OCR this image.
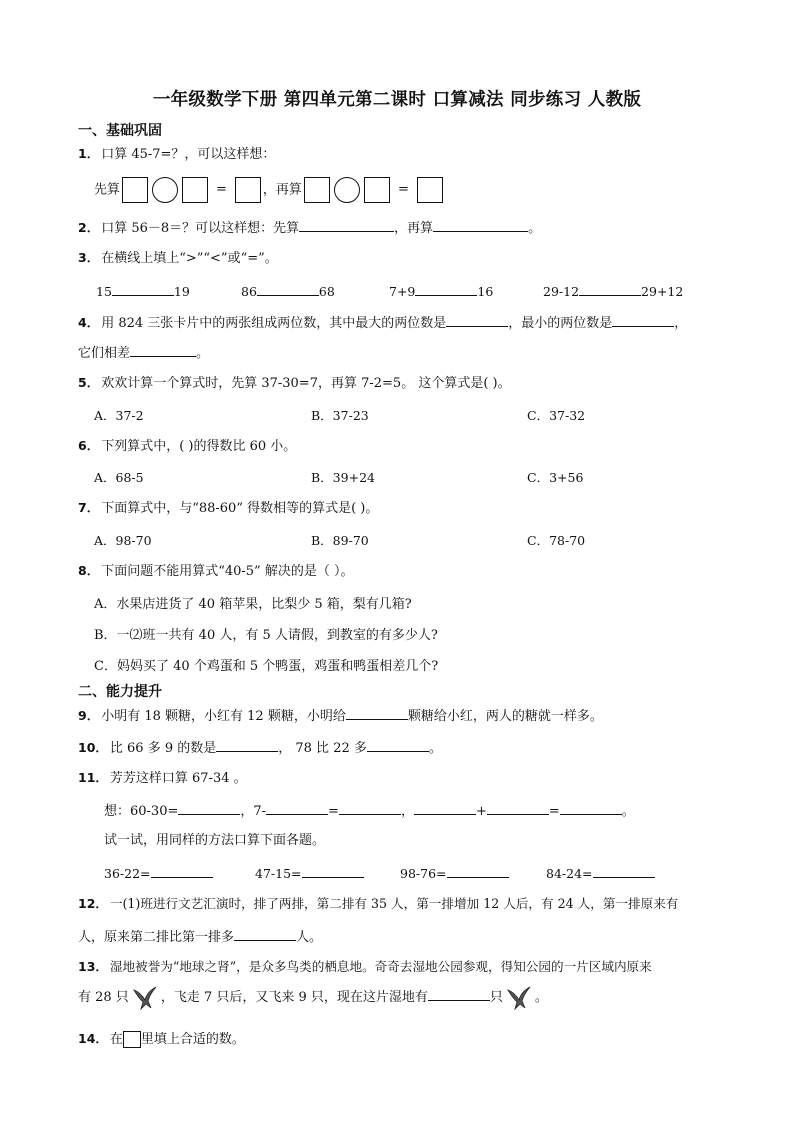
一年级数学下册 第四单元第二课时 口算减法 同步练习 人教版
一、基础巩固
1． 口算 45-7=？，可以这样想：
先算	=	，再算	=
2． 口算 56－8＝？可以这样想：先算	，再算	。
3． 在横线上填上“>”“<”或“=”。
15	19	86	68	7+9	16	29-12	29+12
4． 用 824 三张卡片中的两张组成两位数，其中最大的两位数是	，最小的两位数是	，
它们相差	。
5． 欢欢计算一个算式时，先算 37-30=7，再算 7-2=5。 这个算式是( )。
A．37-2	B．37-23	C．37-32
6． 下列算式中，( )的得数比 60 小。
A．68-5	B．39+24	C．3+56
7． 下面算式中，与“88-60” 得数相等的算式是( )。
A．98-70	B．89-70	C．78-70
8． 下面问题不能用算式“40-5” 解决的是（ ）。
A．水果店进货了 40 箱苹果，比梨少 5 箱，梨有几箱?
B．一⑵班一共有 40 人，有 5 人请假，到教室的有多少人?
C．妈妈买了 40 个鸡蛋和 5 个鸭蛋，鸡蛋和鸭蛋相差几个?
二、能力提升
9． 小明有 18 颗糖，小红有 12 颗糖，小明给	颗糖给小红，两人的糖就一样多。
10． 比 66 多 9 的数是	， 78 比 22 多	。
11． 芳芳这样口算 67-34 。
想：60-30=	，7-	=	，	+	=	。
试一试，用同样的方法口算下面各题。
36-22=	47-15=	98-76=	84-24=
12． 一(1)班进行文艺汇演时，排了两排，第二排有 35 人，第一排增加 12 人后，有 24 人，第一排原来有
人，原来第二排比第一排多	人。
13． 湿地被誉为“地球之肾”，是众多鸟类的栖息地。奇奇去湿地公园参观，得知公园的一片区域内原来
有 28 只 ，飞走 7 只后，又飞来 9 只，现在这片湿地有	只 。
14． 在 里填上合适的数。
